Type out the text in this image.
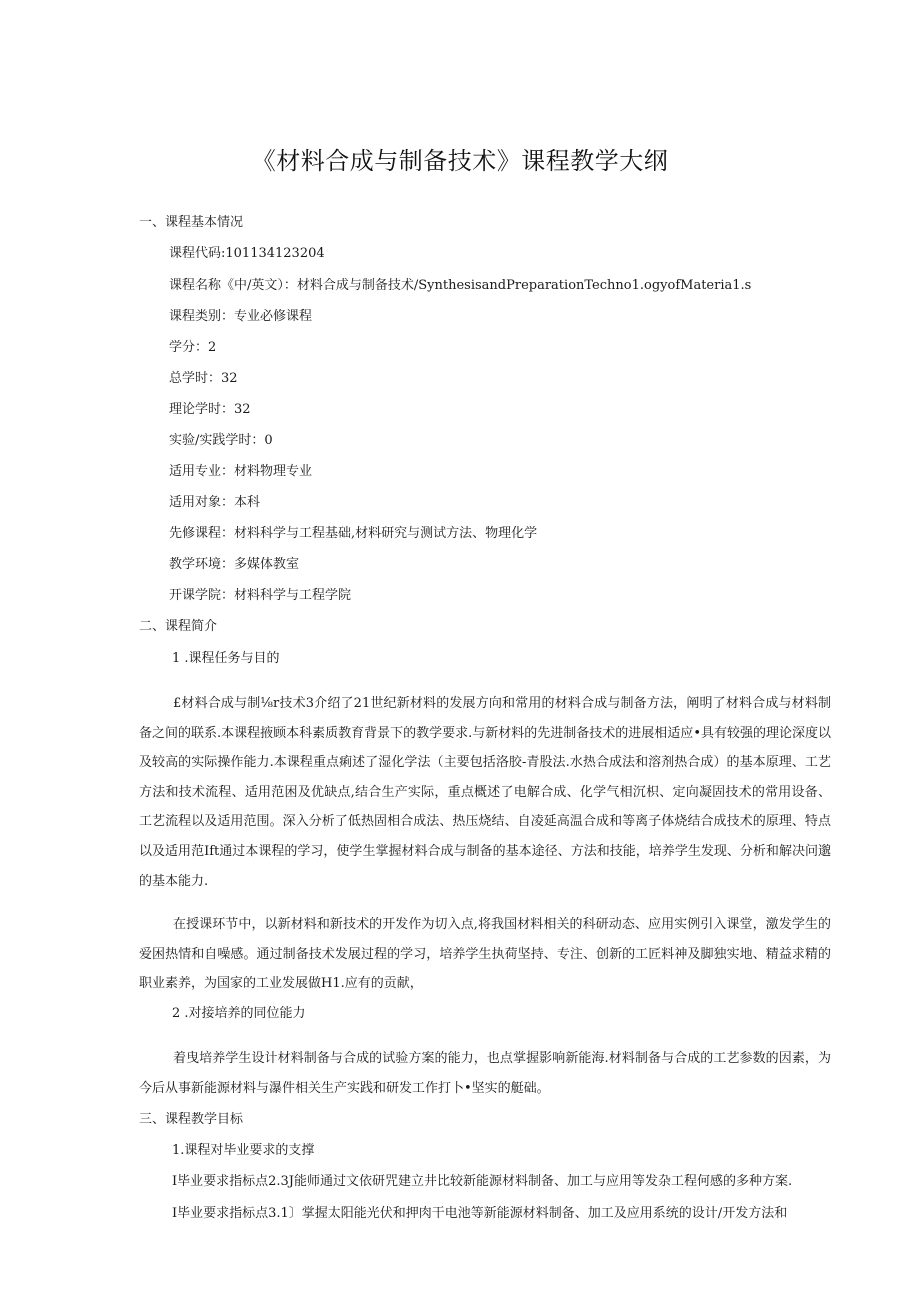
《材料合成与制备技术》课程教学大纲
一、课程基本情况
课程代码:101134123204
课程名称《中/英文）：材料合成与制备技术/SynthesisandPreparationTechno1.ogyofMateria1.s
课程类别：专业必修课程
学分：2
总学时：32
理论学时：32
实验/实践学时：0
适用专业：材料物理专业
适用对象：本科
先修课程：材料科学与工程基础,材料研究与测试方法、物理化学
教学环境：多媒体教室
开课学院：材料科学与工程学院
二、课程简介
1 .课程任务与目的

£材料合成与制⅛r技术3介绍了21世纪新材料的发展方向和常用的材料合成与制备方法，阐明了材料合成与材料制备之间的联系.本课程掖顾本科素质教育背景下的教学要求.与新材料的先进制备技术的进展相适应•具有较强的理论深度以及较高的实际操作能力.本课程重点痢述了湿化学法（主要包括洛胶-青股法.水热合成法和溶剂热合成）的基本原理、工艺方法和技术流程、适用范困及优缺点,结合生产实际，重点概述了电解合成、化学气相沉枳、定向凝固技术的常用设备、工艺流程以及适用范围。深入分析了低热固相合成法、热压烧结、自凌延高温合成和等离子体烧结合成技术的原理、特点以及适用范Ift通过本课程的学习，使学生掌握材料合成与制备的基本途径、方法和技能，培养学生发现、分析和解决问邈的基本能力.

在授课环节中，以新材料和新技术的开发作为切入点,将我国材料相关的科研动态、应用实例引入课堂，激发学生的爱困热情和自噪感。通过制备技术发展过程的学习，培养学生执荷坚持、专注、创新的工匠料神及脚独实地、精益求精的职业素养，为国家的工业发展做H1.应有的贡献，

2 .对接培养的同位能力

着曳培养学生设计材料制备与合成的试验方案的能力，也点掌握影响新能海.材料制备与合成的工艺参数的因素，为今后从事新能源材料与瀑件相关生产实践和研发工作打卜•坚实的艇础。

三、课程教学目标
1.课程对毕业要求的支撑
I毕业要求指标点2.3J能师通过文依研咒建立井比较新能源材料制备、加工与应用等发杂工程何感的多种方案.
I毕业要求指标点3.1〕掌握太阳能光伏和押肉干电池等新能源材料制备、加工及应用系统的设计/开发方法和
